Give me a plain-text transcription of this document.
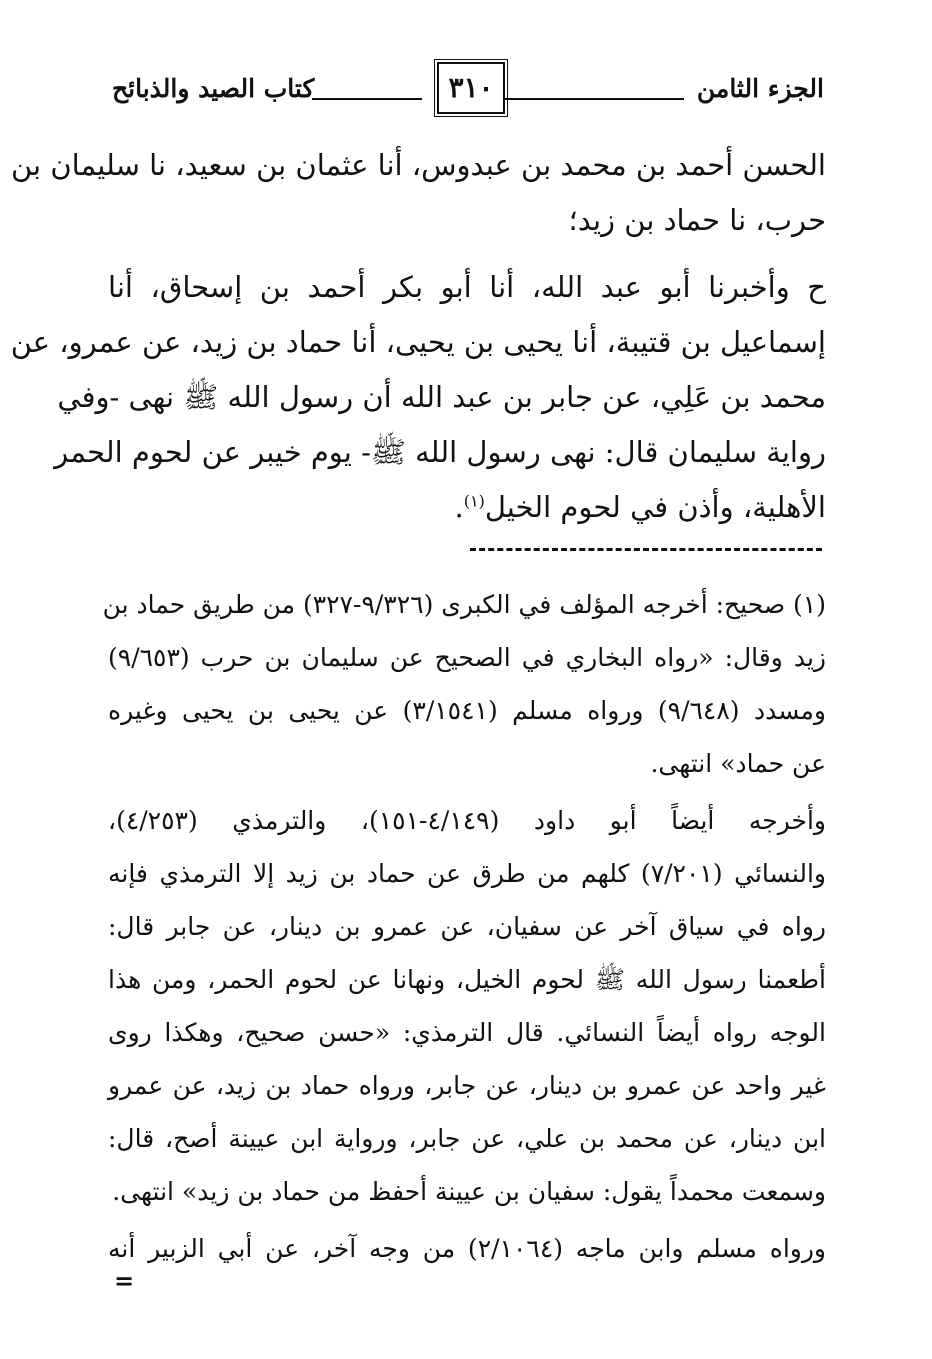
الجزء الثامن
٣١٠
كتاب الصيد والذبائح
الحسن أحمد بن محمد بن عبدوس، أنا عثمان بن سعيد، نا سليمان بن
حرب، نا حماد بن زيد؛
ح وأخبرنا أبو عبد الله، أنا أبو بكر أحمد بن إسحاق، أنا
إسماعيل بن قتيبة، أنا يحيى بن يحيى، أنا حماد بن زيد، عن عمرو، عن
محمد بن عَلِي، عن جابر بن عبد الله أن رسول الله ﷺ نهى -وفي
رواية سليمان قال: نهى رسول الله ﷺ- يوم خيبر عن لحوم الحمر
الأهلية، وأذن في لحوم الخيل$^{(١)}$.
(١) صحيح: أخرجه المؤلف في الكبرى (٩/٣٢٦-٣٢٧) من طريق حماد بن
زيد وقال: «رواه البخاري في الصحيح عن سليمان بن حرب (٩/٦٥٣)
ومسدد (٩/٦٤٨) ورواه مسلم (٣/١٥٤١) عن يحيى بن يحيى وغيره
عن حماد» انتهى.
وأخرجه أيضاً أبو داود (٤/١٤٩-١٥١)، والترمذي (٤/٢٥٣)،
والنسائي (٧/٢٠١) كلهم من طرق عن حماد بن زيد إلا الترمذي فإنه
رواه في سياق آخر عن سفيان، عن عمرو بن دينار، عن جابر قال:
أطعمنا رسول الله ﷺ لحوم الخيل، ونهانا عن لحوم الحمر، ومن هذا
الوجه رواه أيضاً النسائي. قال الترمذي: «حسن صحيح، وهكذا روى
غير واحد عن عمرو بن دينار، عن جابر، ورواه حماد بن زيد، عن عمرو
ابن دينار، عن محمد بن علي، عن جابر، ورواية ابن عيينة أصح، قال:
وسمعت محمداً يقول: سفيان بن عيينة أحفظ من حماد بن زيد» انتهى.
ورواه مسلم وابن ماجه (٢/١٠٦٤) من وجه آخر، عن أبي الزبير أنه
=
